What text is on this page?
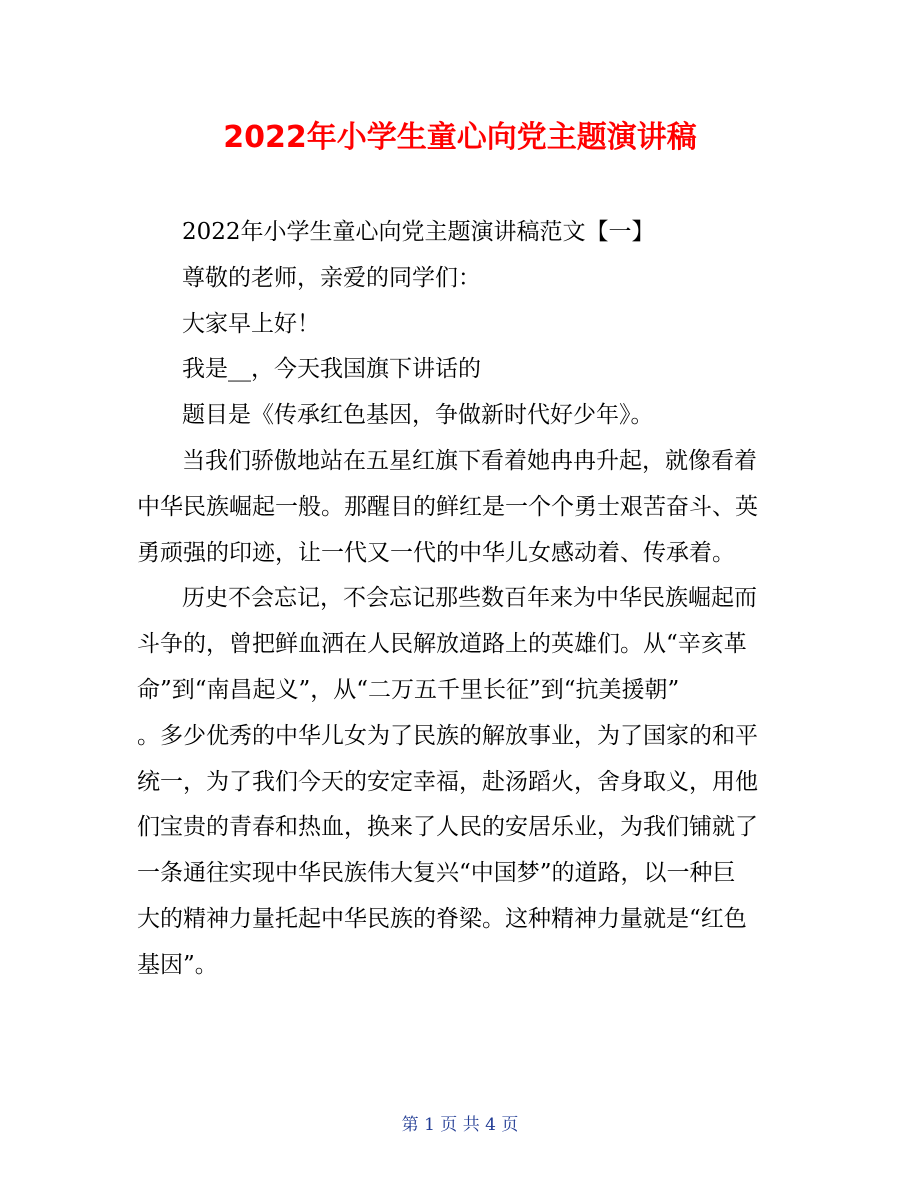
2022年小学生童心向党主题演讲稿
2022年小学生童心向党主题演讲稿范文【一】
尊敬的老师，亲爱的同学们：
大家早上好！
我是__，今天我国旗下讲话的
题目是《传承红色基因，争做新时代好少年》。
当我们骄傲地站在五星红旗下看着她冉冉升起，就像看着
中华民族崛起一般。那醒目的鲜红是一个个勇士艰苦奋斗、英
勇顽强的印迹，让一代又一代的中华儿女感动着、传承着。
历史不会忘记，不会忘记那些数百年来为中华民族崛起而
斗争的，曾把鲜血洒在人民解放道路上的英雄们。从“辛亥革
命”到“南昌起义”，从“二万五千里长征”到“抗美援朝”
。多少优秀的中华儿女为了民族的解放事业，为了国家的和平
统一，为了我们今天的安定幸福，赴汤蹈火，舍身取义，用他
们宝贵的青春和热血，换来了人民的安居乐业，为我们铺就了
一条通往实现中华民族伟大复兴“中国梦”的道路，以一种巨
大的精神力量托起中华民族的脊梁。这种精神力量就是“红色
基因”。
第 1 页 共 4 页
